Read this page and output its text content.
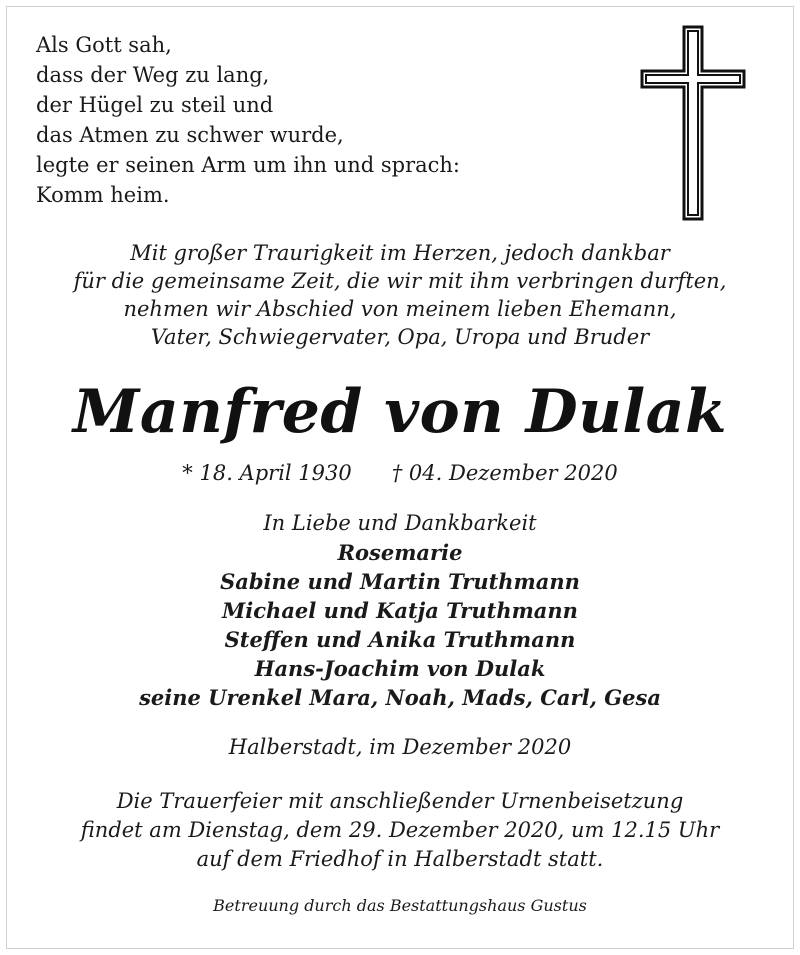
Als Gott sah,
dass der Weg zu lang,
der Hügel zu steil und
das Atmen zu schwer wurde,
legte er seinen Arm um ihn und sprach:
Komm heim.
Mit großer Traurigkeit im Herzen, jedoch dankbar
für die gemeinsame Zeit, die wir mit ihm verbringen durften,
nehmen wir Abschied von meinem lieben Ehemann,
Vater, Schwiegervater, Opa, Uropa und Bruder
Manfred von Dulak
* 18. April 1930 † 04. Dezember 2020
In Liebe und Dankbarkeit
Rosemarie
Sabine und Martin Truthmann
Michael und Katja Truthmann
Steffen und Anika Truthmann
Hans-Joachim von Dulak
seine Urenkel Mara, Noah, Mads, Carl, Gesa
Halberstadt, im Dezember 2020
Die Trauerfeier mit anschließender Urnenbeisetzung
findet am Dienstag, dem 29. Dezember 2020, um 12.15 Uhr
auf dem Friedhof in Halberstadt statt.
Betreuung durch das Bestattungshaus Gustus
